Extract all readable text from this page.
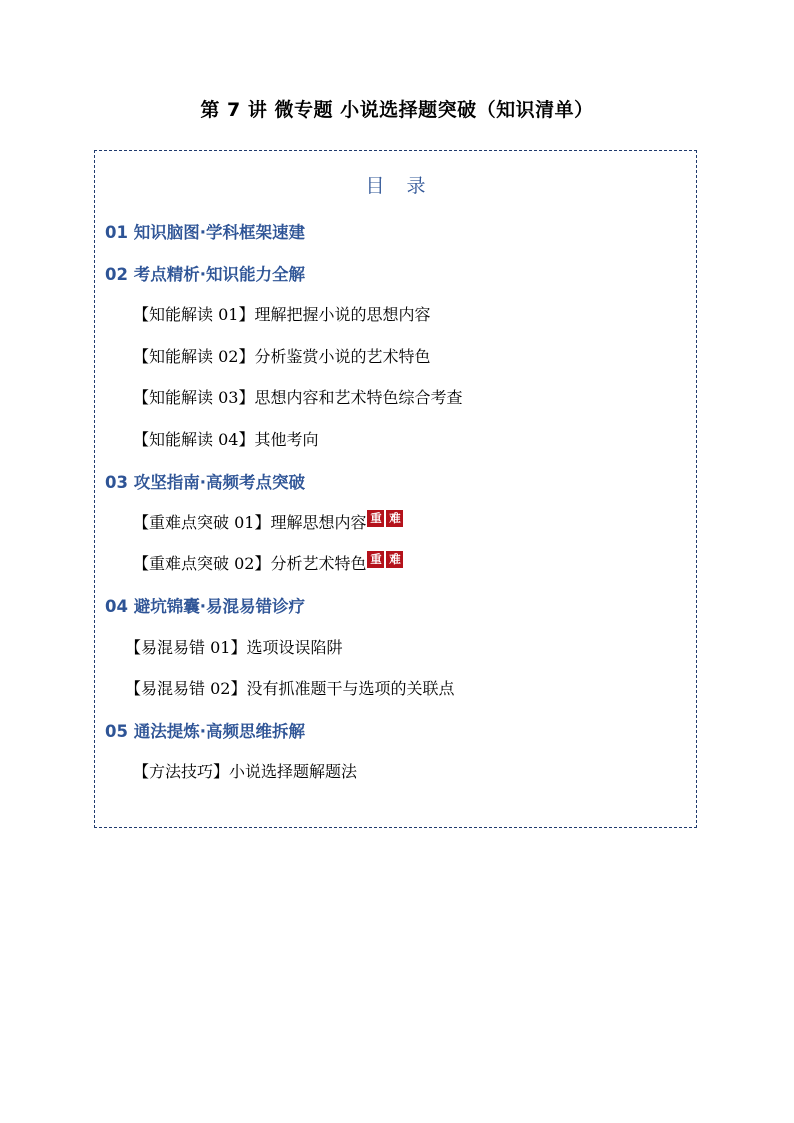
第 7 讲 微专题 小说选择题突破（知识清单）
目录
01 知识脑图·学科框架速建
02 考点精析·知识能力全解
【知能解读 01】理解把握小说的思想内容
【知能解读 02】分析鉴赏小说的艺术特色
【知能解读 03】思想内容和艺术特色综合考查
【知能解读 04】其他考向
03 攻坚指南·高频考点突破
【重难点突破 01】理解思想内容 重 难
【重难点突破 02】分析艺术特色 重 难
04 避坑锦囊·易混易错诊疗
【易混易错 01】选项设误陷阱
【易混易错 02】没有抓准题干与选项的关联点
05 通法提炼·高频思维拆解
【方法技巧】小说选择题解题法
